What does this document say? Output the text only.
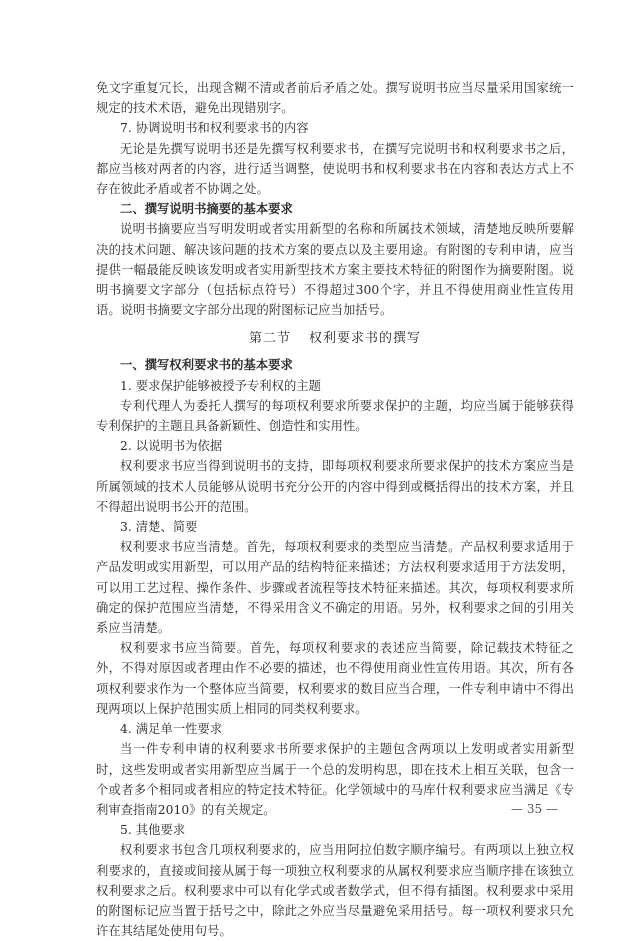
免文字重复冗长，出现含糊不清或者前后矛盾之处。撰写说明书应当尽量采用国家统一规定的技术术语，避免出现错别字。

7. 协调说明书和权利要求书的内容

无论是先撰写说明书还是先撰写权利要求书，在撰写完说明书和权利要求书之后，都应当核对两者的内容，进行适当调整，使说明书和权利要求书在内容和表达方式上不存在彼此矛盾或者不协调之处。

二、撰写说明书摘要的基本要求

说明书摘要应当写明发明或者实用新型的名称和所属技术领域，清楚地反映所要解决的技术问题、解决该问题的技术方案的要点以及主要用途。有附图的专利申请，应当提供一幅最能反映该发明或者实用新型技术方案主要技术特征的附图作为摘要附图。说明书摘要文字部分（包括标点符号）不得超过300个字，并且不得使用商业性宣传用语。说明书摘要文字部分出现的附图标记应当加括号。

第二节 权利要求书的撰写

一、撰写权利要求书的基本要求

1. 要求保护能够被授予专利权的主题

专利代理人为委托人撰写的每项权利要求所要求保护的主题，均应当属于能够获得专利保护的主题且具备新颖性、创造性和实用性。

2. 以说明书为依据

权利要求书应当得到说明书的支持，即每项权利要求所要求保护的技术方案应当是所属领域的技术人员能够从说明书充分公开的内容中得到或概括得出的技术方案，并且不得超出说明书公开的范围。

3. 清楚、简要

权利要求书应当清楚。首先，每项权利要求的类型应当清楚。产品权利要求适用于产品发明或实用新型，可以用产品的结构特征来描述；方法权利要求适用于方法发明，可以用工艺过程、操作条件、步骤或者流程等技术特征来描述。其次，每项权利要求所确定的保护范围应当清楚，不得采用含义不确定的用语。另外，权利要求之间的引用关系应当清楚。

权利要求书应当简要。首先，每项权利要求的表述应当简要，除记载技术特征之外，不得对原因或者理由作不必要的描述，也不得使用商业性宣传用语。其次，所有各项权利要求作为一个整体应当简要，权利要求的数目应当合理，一件专利申请中不得出现两项以上保护范围实质上相同的同类权利要求。

4. 满足单一性要求

当一件专利申请的权利要求书所要求保护的主题包含两项以上发明或者实用新型时，这些发明或者实用新型应当属于一个总的发明构思，即在技术上相互关联，包含一个或者多个相同或者相应的特定技术特征。化学领域中的马库什权利要求应当满足《专利审查指南2010》的有关规定。

5. 其他要求

权利要求书包含几项权利要求的，应当用阿拉伯数字顺序编号。有两项以上独立权利要求的，直接或间接从属于每一项独立权利要求的从属权利要求应当顺序排在该独立权利要求之后。权利要求中可以有化学式或者数学式，但不得有插图。权利要求中采用的附图标记应当置于括号之中，除此之外应当尽量避免采用括号。每一项权利要求只允许在其结尾处使用句号。

— 35 —
